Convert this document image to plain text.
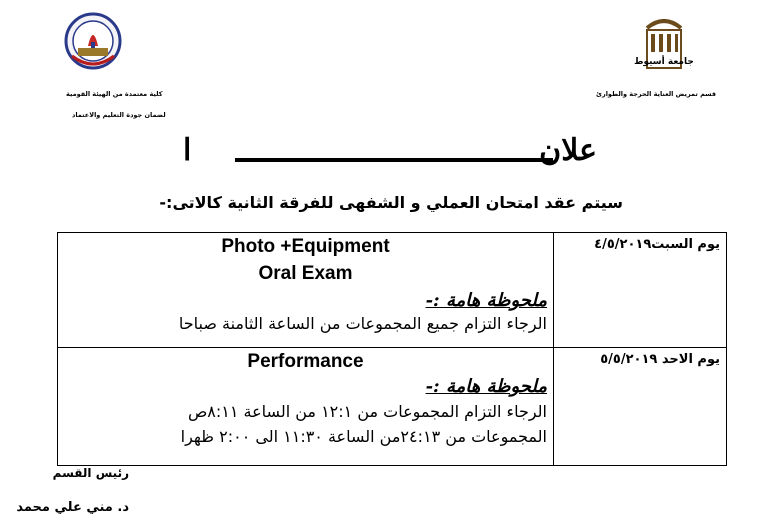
جامعة أسيوط
كلية معتمدة من الهيئة القومية
لضمان جودة التعليم والاعتماد
قسم تمريض العناية الحرجة والطوارئ
ا	علان
سيتم عقد امتحان العملي و الشفهى للفرقة الثانية كالاتى:-
يوم السبت٤/٥/٢٠١٩	Photo +Equipment
Oral Exam
ملحوظة هامة :-
الرجاء التزام جميع المجموعات من الساعة الثامنة صباحا

يوم الاحد ٥/٥/٢٠١٩	Performance
ملحوظة هامة :-
الرجاء التزام المجموعات من ١٢:١ من الساعة ٨:١١ص
المجموعات من ٢٤:١٣من الساعة ١١:٣٠ الى ٢:٠٠ ظهرا
رئيس القسم
د. مني علي محمد
